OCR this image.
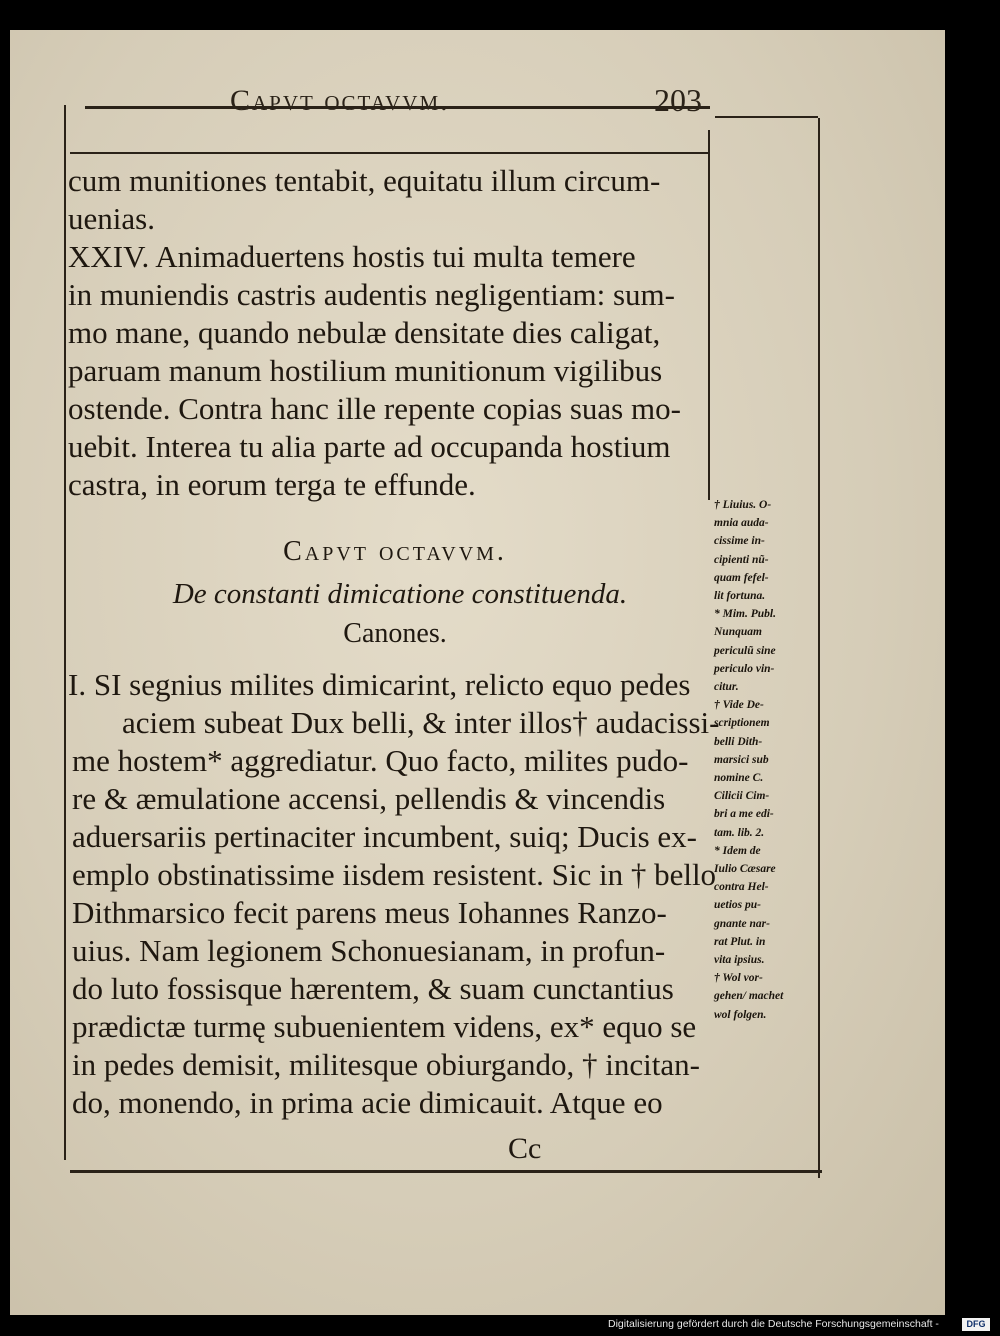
Capvt octavvm.	203
cum munitiones tentabit, equitatu illum circum-
uenias.
XXIV. Animaduertens hostis tui multa temere
in muniendis castris audentis negligentiam: sum-
mo mane, quando nebulæ densitate dies caligat,
paruam manum hostilium munitionum vigilibus
ostende. Contra hanc ille repente copias suas mo-
uebit. Interea tu alia parte ad occupanda hostium
castra, in eorum terga te effunde.
Capvt octavvm.
De constanti dimicatione constituenda.
Canones.
I. SI segnius milites dimicarint, relicto equo pedes
aciem subeat Dux belli, & inter illos† audacissi-
me hostem* aggrediatur. Quo facto, milites pudo-
re & æmulatione accensi, pellendis & vincendis
aduersariis pertinaciter incumbent, suiq; Ducis ex-
emplo obstinatissime iisdem resistent. Sic in † bello
Dithmarsico fecit parens meus Iohannes Ranzo-
uius. Nam legionem Schonuesianam, in profun-
do luto fossisque hærentem, & suam cunctantius
prædictæ turmę subuenientem videns, ex* equo se
in pedes demisit, militesque obiurgando, † incitan-
do, monendo, in prima acie dimicauit. Atque eo
† Liuius. O-
mnia auda-
cissime in-
cipienti nũ-
quam fefel-
lit fortuna.
* Mim. Publ.
Nunquam
periculũ sine
periculo vin-
citur.
† Vide De-
scriptionem
belli Dith-
marsici sub
nomine C.
Cilicii Cim-
bri a me edi-
tam. lib. 2.
* Idem de
Iulio Cæsare
contra Hel-
uetios pu-
gnante nar-
rat Plut. in
vita ipsius.
† Wol vor-
gehen/ machet
wol folgen.
Cc
Digitalisierung gefördert durch die Deutsche Forschungsgemeinschaft -	DFG
